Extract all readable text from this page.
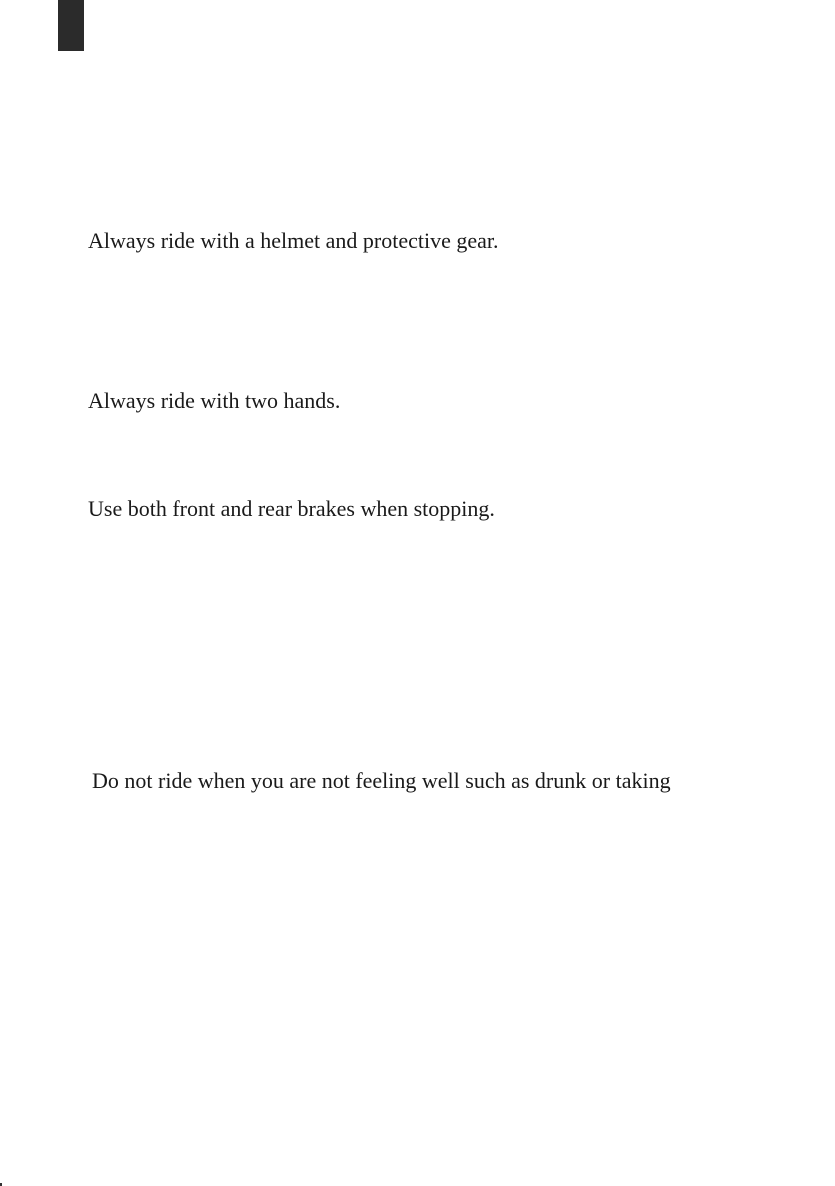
Always ride with a helmet and protective gear.
Always ride with two hands.
Use both front and rear brakes when stopping.
Do not ride when you are not feeling well such as drunk or taking
